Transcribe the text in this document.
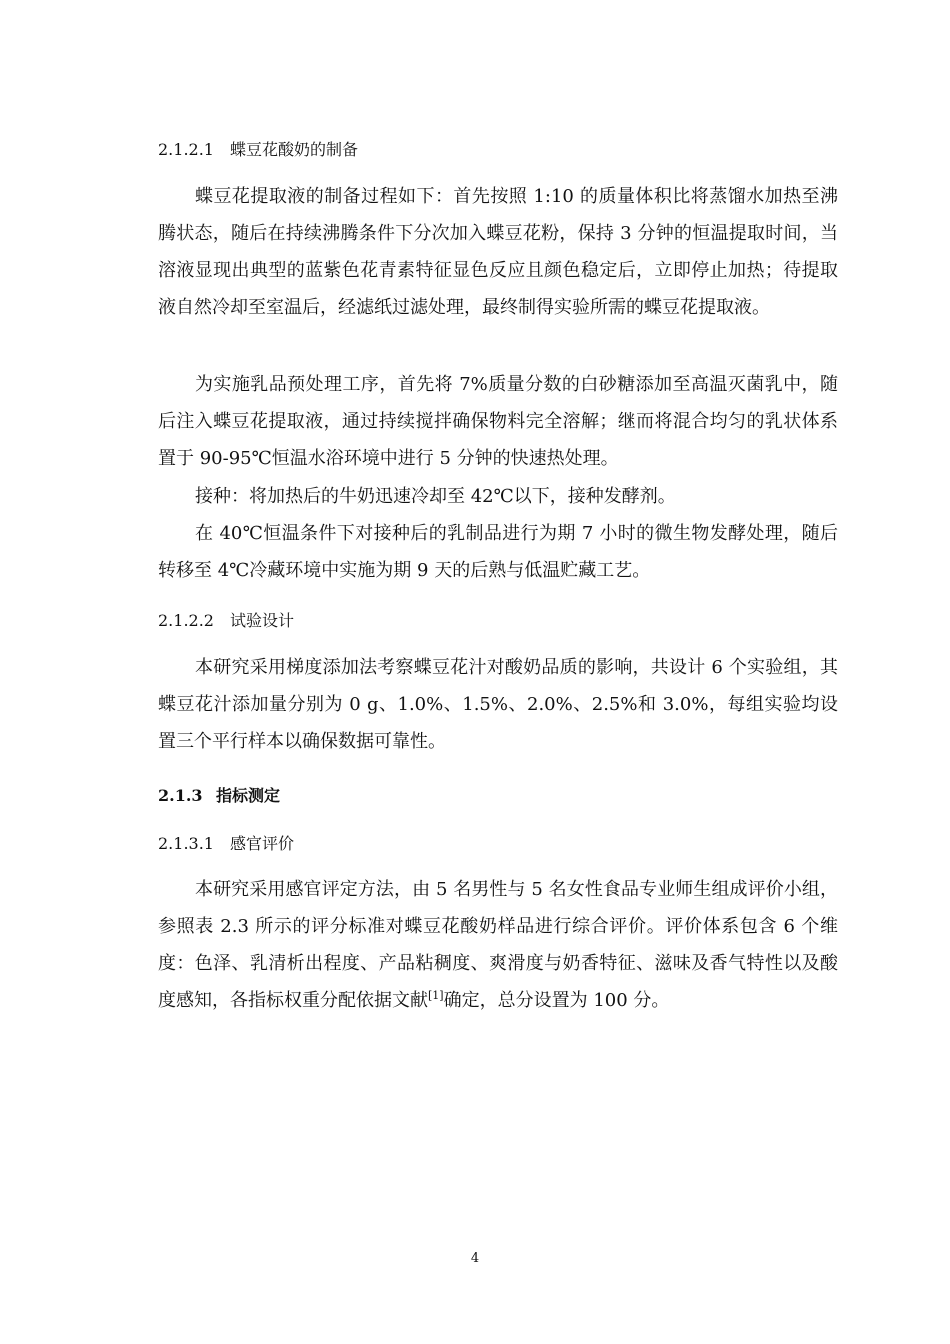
2.1.2.1 蝶豆花酸奶的制备

蝶豆花提取液的制备过程如下：首先按照 1:10 的质量体积比将蒸馏水加热至沸腾状态，随后在持续沸腾条件下分次加入蝶豆花粉，保持 3 分钟的恒温提取时间，当溶液显现出典型的蓝紫色花青素特征显色反应且颜色稳定后，立即停止加热；待提取液自然冷却至室温后，经滤纸过滤处理，最终制得实验所需的蝶豆花提取液。

为实施乳品预处理工序，首先将 7%质量分数的白砂糖添加至高温灭菌乳中，随后注入蝶豆花提取液，通过持续搅拌确保物料完全溶解；继而将混合均匀的乳状体系置于 90-95℃恒温水浴环境中进行 5 分钟的快速热处理。

接种：将加热后的牛奶迅速冷却至 42℃以下，接种发酵剂。

在 40℃恒温条件下对接种后的乳制品进行为期 7 小时的微生物发酵处理，随后转移至 4℃冷藏环境中实施为期 9 天的后熟与低温贮藏工艺。

2.1.2.2 试验设计

本研究采用梯度添加法考察蝶豆花汁对酸奶品质的影响，共设计 6 个实验组，其蝶豆花汁添加量分别为 0 g、1.0%、1.5%、2.0%、2.5%和 3.0%，每组实验均设置三个平行样本以确保数据可靠性。

2.1.3 指标测定
2.1.3.1 感官评价

本研究采用感官评定方法，由 5 名男性与 5 名女性食品专业师生组成评价小组，参照表 2.3 所示的评分标准对蝶豆花酸奶样品进行综合评价。评价体系包含 6 个维度：色泽、乳清析出程度、产品粘稠度、爽滑度与奶香特征、滋味及香气特性以及酸度感知，各指标权重分配依据文献[1]确定，总分设置为 100 分。

4
